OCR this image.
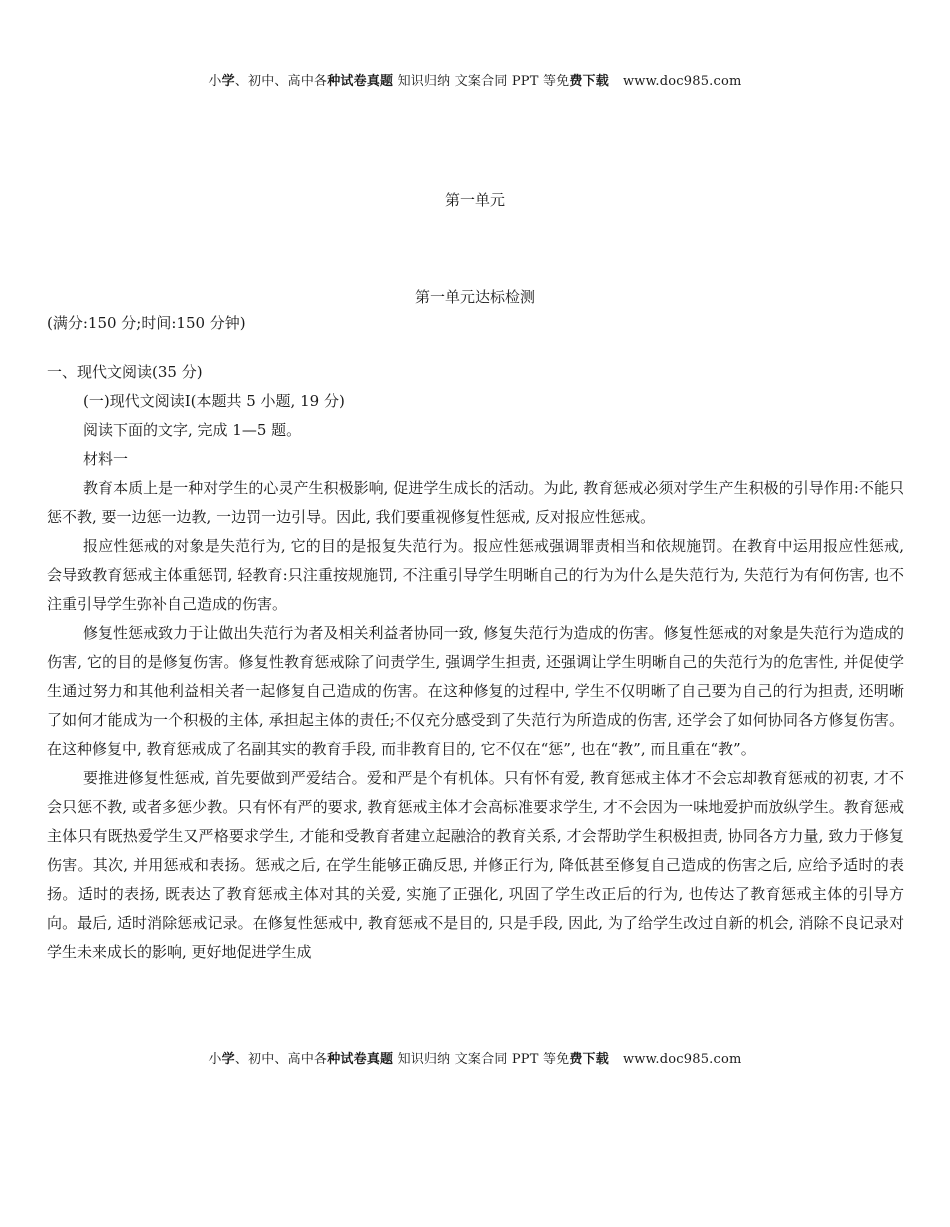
小学、初中、高中各种试卷真题 知识归纳 文案合同 PPT 等免费下载 www.doc985.com
第一单元
第一单元达标检测

(满分:150 分;时间:150 分钟)

一、现代文阅读(35 分)

(一)现代文阅读Ⅰ(本题共 5 小题, 19 分)

阅读下面的文字, 完成 1—5 题。

材料一

教育本质上是一种对学生的心灵产生积极影响, 促进学生成长的活动。为此, 教育惩戒必须对学生产生积极的引导作用:不能只惩不教, 要一边惩一边教, 一边罚一边引导。因此, 我们要重视修复性惩戒, 反对报应性惩戒。

报应性惩戒的对象是失范行为, 它的目的是报复失范行为。报应性惩戒强调罪责相当和依规施罚。在教育中运用报应性惩戒, 会导致教育惩戒主体重惩罚, 轻教育:只注重按规施罚, 不注重引导学生明晰自己的行为为什么是失范行为, 失范行为有何伤害, 也不注重引导学生弥补自己造成的伤害。

修复性惩戒致力于让做出失范行为者及相关利益者协同一致, 修复失范行为造成的伤害。修复性惩戒的对象是失范行为造成的伤害, 它的目的是修复伤害。修复性教育惩戒除了问责学生, 强调学生担责, 还强调让学生明晰自己的失范行为的危害性, 并促使学生通过努力和其他利益相关者一起修复自己造成的伤害。在这种修复的过程中, 学生不仅明晰了自己要为自己的行为担责, 还明晰了如何才能成为一个积极的主体, 承担起主体的责任;不仅充分感受到了失范行为所造成的伤害, 还学会了如何协同各方修复伤害。在这种修复中, 教育惩戒成了名副其实的教育手段, 而非教育目的, 它不仅在“惩”, 也在“教”, 而且重在“教”。

要推进修复性惩戒, 首先要做到严爱结合。爱和严是个有机体。只有怀有爱, 教育惩戒主体才不会忘却教育惩戒的初衷, 才不会只惩不教, 或者多惩少教。只有怀有严的要求, 教育惩戒主体才会高标准要求学生, 才不会因为一味地爱护而放纵学生。教育惩戒主体只有既热爱学生又严格要求学生, 才能和受教育者建立起融洽的教育关系, 才会帮助学生积极担责, 协同各方力量, 致力于修复伤害。其次, 并用惩戒和表扬。惩戒之后, 在学生能够正确反思, 并修正行为, 降低甚至修复自己造成的伤害之后, 应给予适时的表扬。适时的表扬, 既表达了教育惩戒主体对其的关爱, 实施了正强化, 巩固了学生改正后的行为, 也传达了教育惩戒主体的引导方向。最后, 适时消除惩戒记录。在修复性惩戒中, 教育惩戒不是目的, 只是手段, 因此, 为了给学生改过自新的机会, 消除不良记录对学生未来成长的影响, 更好地促进学生成

小学、初中、高中各种试卷真题 知识归纳 文案合同 PPT 等免费下载 www.doc985.com
